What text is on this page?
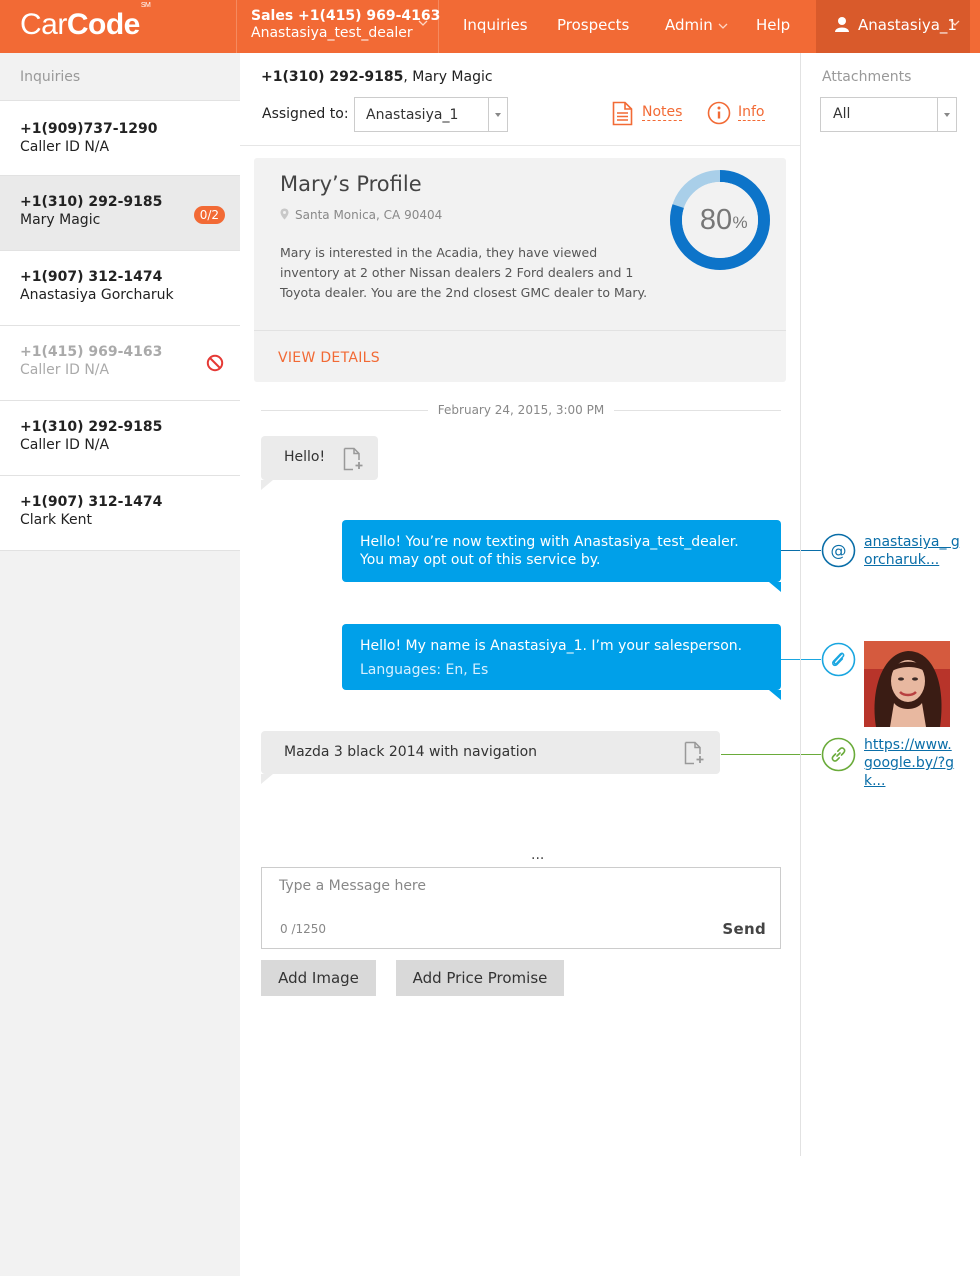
CarCode℠
Sales +1(415) 969-4163
Anastasiya_test_dealer	Inquiries Prospects Admin	Help	Anastasiya_1
Inquiries
+1(909)737-1290
Caller ID N/A
+1(310) 292-9185
Mary Magic	0/2
+1(907) 312-1474
Anastasiya Gorcharuk
+1(415) 969-4163
Caller ID N/A
+1(310) 292-9185
Caller ID N/A
+1(907) 312-1474
Clark Kent
+1(310) 292-9185, Mary Magic
Assigned to: Anastasiya_1	Notes	Info
Mary’s Profile
Santa Monica, CA 90404
Mary is interested in the Acadia, they have viewed inventory at 2 other Nissan dealers 2 Ford dealers and 1 Toyota dealer. You are the 2nd closest GMC dealer to Mary.
80 %
VIEW DETAILS
February 24, 2015, 3:00 PM
Hello!
Hello! You’re now texting with Anastasiya_test_dealer. You may opt out of this service by.
Hello! My name is Anastasiya_1. I’m your salesperson.
Languages: En, Es
Mazda 3 black 2014 with navigation
...
Type a Message here
0 /1250	Send
Add Image	Add Price Promise
Attachments
All
@ anastasiya_ gorcharuk...
https://www.google.by/?gk...
